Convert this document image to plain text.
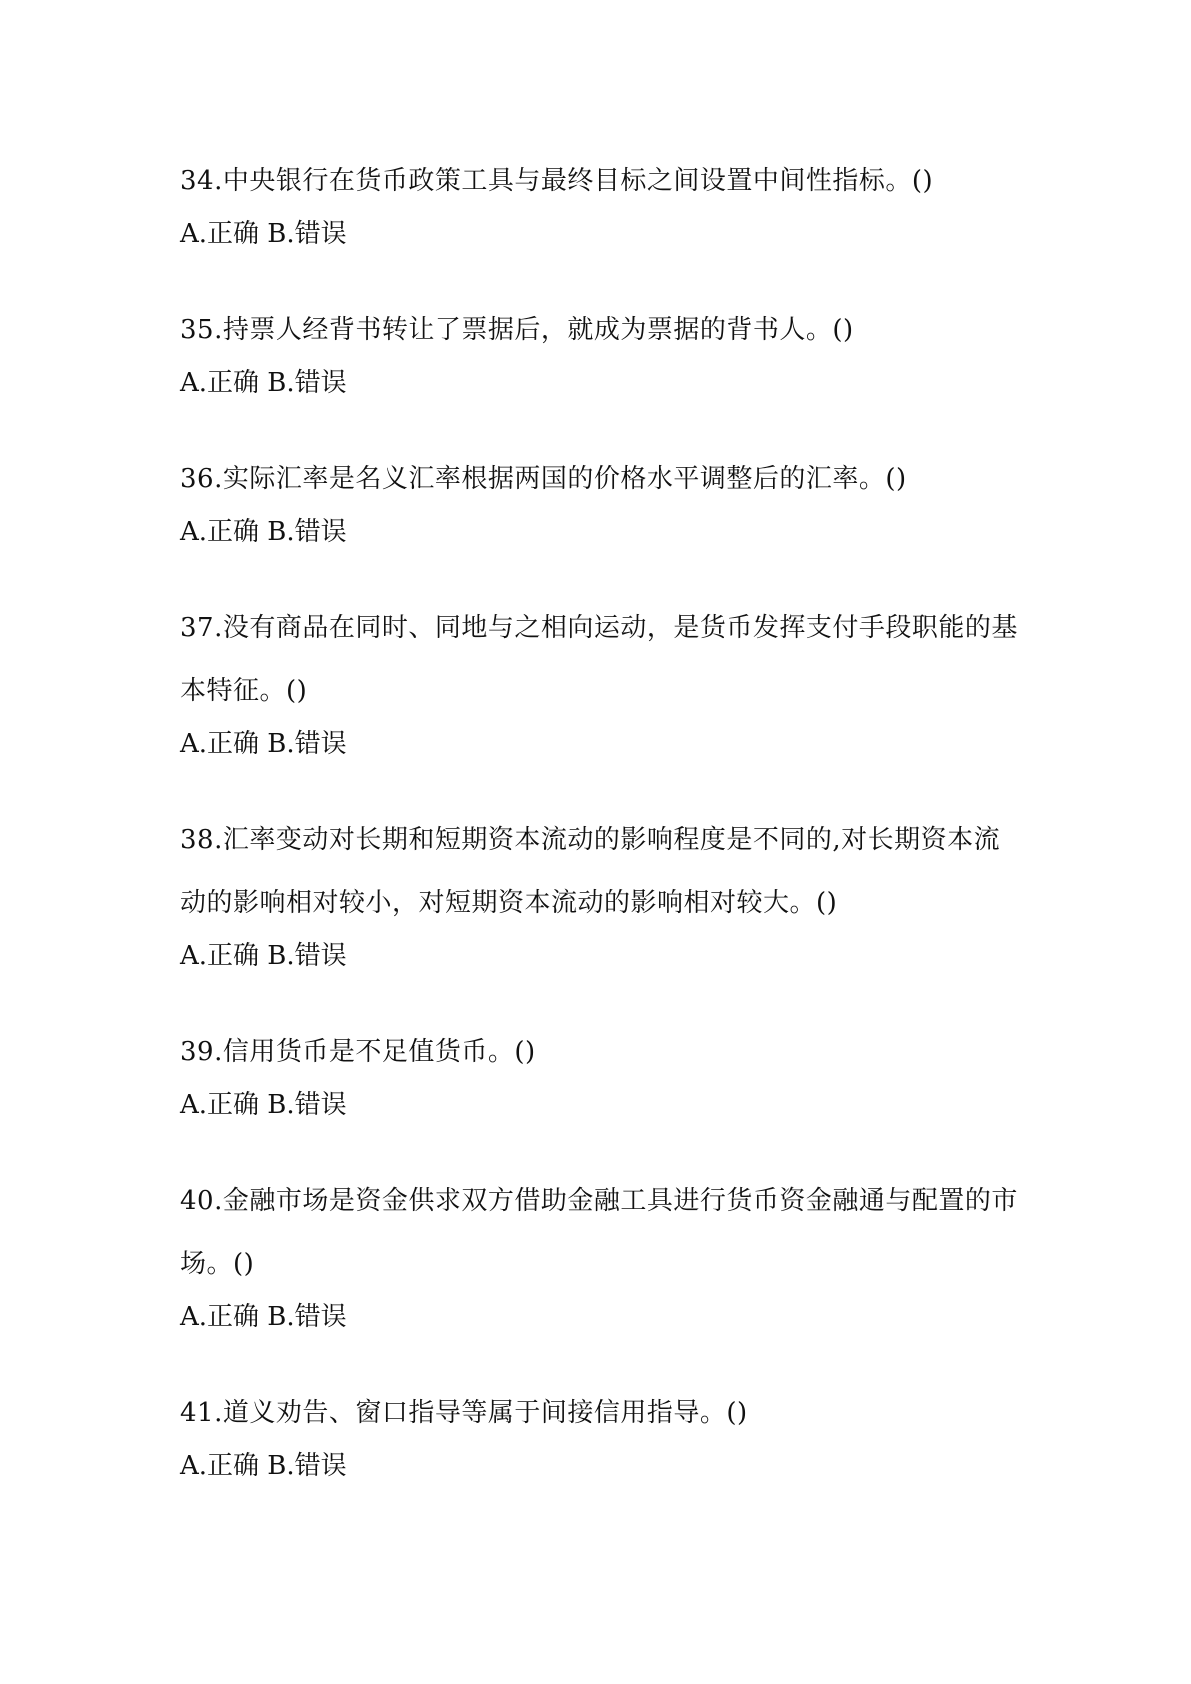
34.中央银行在货币政策工具与最终目标之间设置中间性指标。()

A.正确 B.错误

35.持票人经背书转让了票据后，就成为票据的背书人。()

A.正确 B.错误

36.实际汇率是名义汇率根据两国的价格水平调整后的汇率。()

A.正确 B.错误

37.没有商品在同时、同地与之相向运动，是货币发挥支付手段职能的基本特征。()

A.正确 B.错误

38.汇率变动对长期和短期资本流动的影响程度是不同的,对长期资本流动的影响相对较小，对短期资本流动的影响相对较大。()

A.正确 B.错误

39.信用货币是不足值货币。()

A.正确 B.错误

40.金融市场是资金供求双方借助金融工具进行货币资金融通与配置的市场。()

A.正确 B.错误

41.道义劝告、窗口指导等属于间接信用指导。()

A.正确 B.错误
